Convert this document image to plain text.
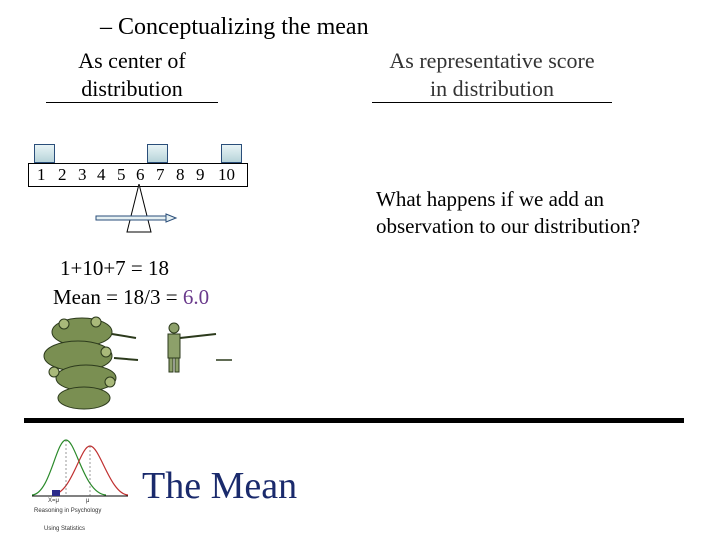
– Conceptualizing the mean
As center of
distribution
As representative score
in distribution
1 2 3 4 5 6 7 8 9 10
1+10+7 = 18
Mean = 18/3 = 6.0
What happens if we add an observation to our distribution?
X=μ	μ
Reasoning in Psychology
Using Statistics
The Mean
